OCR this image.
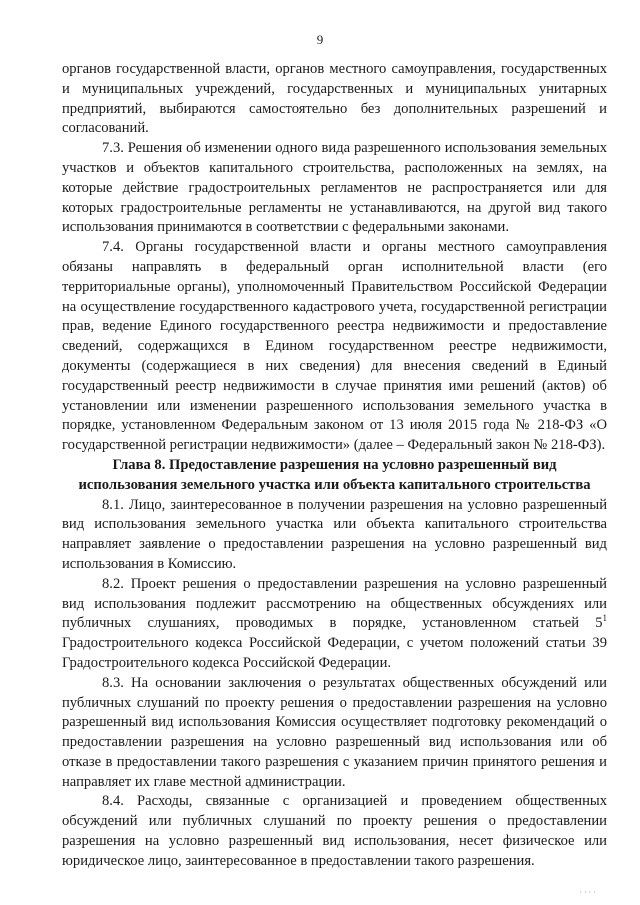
9

органов государственной власти, органов местного самоуправления, государственных и муниципальных учреждений, государственных и муниципальных унитарных предприятий, выбираются самостоятельно без дополнительных разрешений и согласований.

7.3. Решения об изменении одного вида разрешенного использования земельных участков и объектов капитального строительства, расположенных на землях, на которые действие градостроительных регламентов не распространяется или для которых градостроительные регламенты не устанавливаются, на другой вид такого использования принимаются в соответствии с федеральными законами.

7.4. Органы государственной власти и органы местного самоуправления обязаны направлять в федеральный орган исполнительной власти (его территориальные органы), уполномоченный Правительством Российской Федерации на осуществление государственного кадастрового учета, государственной регистрации прав, ведение Единого государственного реестра недвижимости и предоставление сведений, содержащихся в Едином государственном реестре недвижимости, документы (содержащиеся в них сведения) для внесения сведений в Единый государственный реестр недвижимости в случае принятия ими решений (актов) об установлении или изменении разрешенного использования земельного участка в порядке, установленном Федеральным законом от 13 июля 2015 года № 218-ФЗ «О государственной регистрации недвижимости» (далее – Федеральный закон № 218-ФЗ).

Глава 8. Предоставление разрешения на условно разрешенный вид использования земельного участка или объекта капитального строительства

8.1. Лицо, заинтересованное в получении разрешения на условно разрешенный вид использования земельного участка или объекта капитального строительства направляет заявление о предоставлении разрешения на условно разрешенный вид использования в Комиссию.

8.2. Проект решения о предоставлении разрешения на условно разрешенный вид использования подлежит рассмотрению на общественных обсуждениях или публичных слушаниях, проводимых в порядке, установленном статьей $5^1$ Градостроительного кодекса Российской Федерации, с учетом положений статьи 39 Градостроительного кодекса Российской Федерации.

8.3. На основании заключения о результатах общественных обсуждений или публичных слушаний по проекту решения о предоставлении разрешения на условно разрешенный вид использования Комиссия осуществляет подготовку рекомендаций о предоставлении разрешения на условно разрешенный вид использования или об отказе в предоставлении такого разрешения с указанием причин принятого решения и направляет их главе местной администрации.

8.4. Расходы, связанные с организацией и проведением общественных обсуждений или публичных слушаний по проекту решения о предоставлении разрешения на условно разрешенный вид использования, несет физическое или юридическое лицо, заинтересованное в предоставлении такого разрешения.

· · · ·
